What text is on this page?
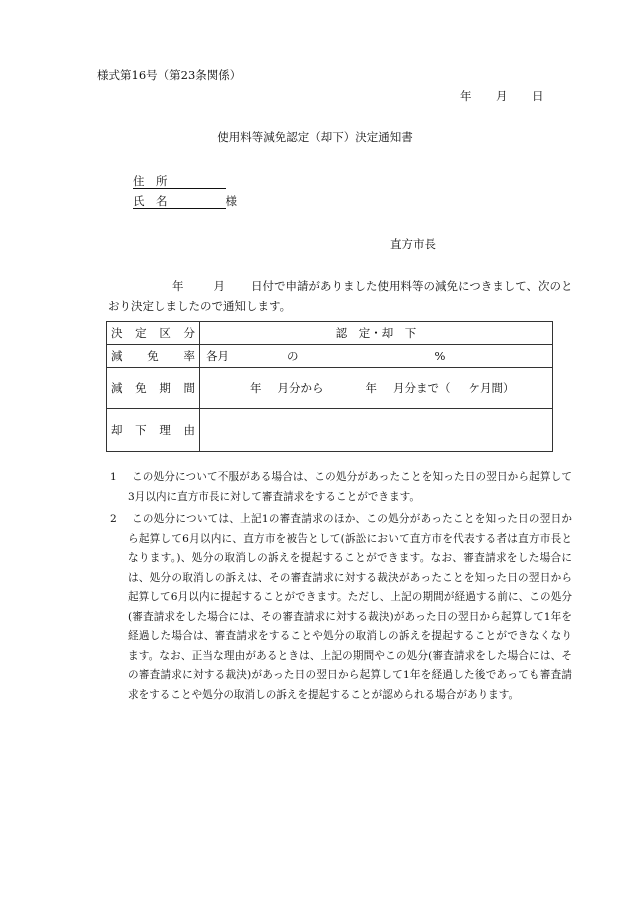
様式第16号（第23条関係）
年 月 日
使用料等減免認定（却下）決定通知書
住　所
氏　名	様
直方市長
年	月 日付で申請がありました使用料等の減免につきまして、次のとおり決定しましたので通知します。
決 定 区 分	認　定・却　下

減 免 率	各月 の %

減 免 期 間	年 月分から 年 月分まで（ ケ月間）

却 下 理 由	

1 この処分について不服がある場合は、この処分があったことを知った日の翌日から起算して3月以内に直方市長に対して審査請求をすることができます。
2 この処分については、上記1の審査請求のほか、この処分があったことを知った日の翌日から起算して6月以内に、直方市を被告として(訴訟において直方市を代表する者は直方市長となります。)、処分の取消しの訴えを提起することができます。なお、審査請求をした場合には、処分の取消しの訴えは、その審査請求に対する裁決があったことを知った日の翌日から起算して6月以内に提起することができます。ただし、上記の期間が経過する前に、この処分(審査請求をした場合には、その審査請求に対する裁決)があった日の翌日から起算して1年を経過した場合は、審査請求をすることや処分の取消しの訴えを提起することができなくなります。なお、正当な理由があるときは、上記の期間やこの処分(審査請求をした場合には、その審査請求に対する裁決)があった日の翌日から起算して1年を経過した後であっても審査請求をすることや処分の取消しの訴えを提起することが認められる場合があります。
